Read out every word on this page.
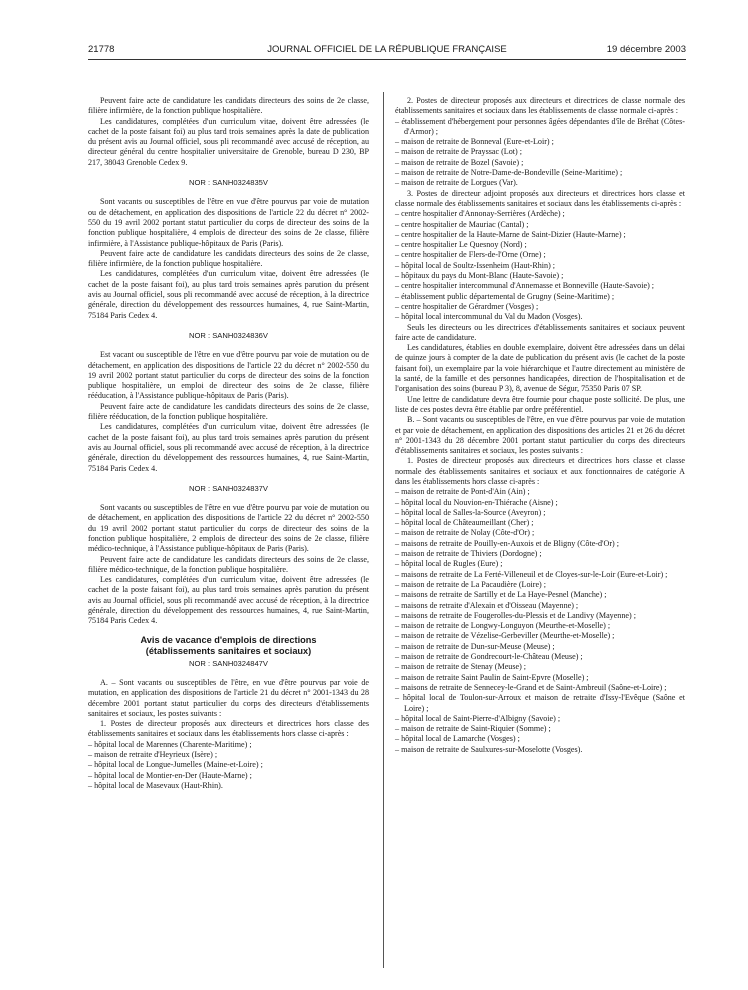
21778	JOURNAL OFFICIEL DE LA RÉPUBLIQUE FRANÇAISE	19 décembre 2003

Peuvent faire acte de candidature les candidats directeurs des soins de 2e classe, filière infirmière, de la fonction publique hospitalière.

Les candidatures, complétées d'un curriculum vitae, doivent être adressées (le cachet de la poste faisant foi) au plus tard trois semaines après la date de publication du présent avis au Journal officiel, sous pli recommandé avec accusé de réception, au directeur général du centre hospitalier universitaire de Grenoble, bureau D 230, BP 217, 38043 Grenoble Cedex 9.

NOR : SANH0324835V

Sont vacants ou susceptibles de l'être en vue d'être pourvus par voie de mutation ou de détachement, en application des dispositions de l'article 22 du décret n° 2002-550 du 19 avril 2002 portant statut particulier du corps de directeur des soins de la fonction publique hospitalière, 4 emplois de directeur des soins de 2e classe, filière infirmière, à l'Assistance publique-hôpitaux de Paris (Paris).

Peuvent faire acte de candidature les candidats directeurs des soins de 2e classe, filière infirmière, de la fonction publique hospitalière.

Les candidatures, complétées d'un curriculum vitae, doivent être adressées (le cachet de la poste faisant foi), au plus tard trois semaines après parution du présent avis au Journal officiel, sous pli recommandé avec accusé de réception, à la directrice générale, direction du développement des ressources humaines, 4, rue Saint-Martin, 75184 Paris Cedex 4.

NOR : SANH0324836V

Est vacant ou susceptible de l'être en vue d'être pourvu par voie de mutation ou de détachement, en application des dispositions de l'article 22 du décret n° 2002-550 du 19 avril 2002 portant statut particulier du corps de directeur des soins de la fonction publique hospitalière, un emploi de directeur des soins de 2e classe, filière rééducation, à l'Assistance publique-hôpitaux de Paris (Paris).

Peuvent faire acte de candidature les candidats directeurs des soins de 2e classe, filière rééducation, de la fonction publique hospitalière.

Les candidatures, complétées d'un curriculum vitae, doivent être adressées (le cachet de la poste faisant foi), au plus tard trois semaines après parution du présent avis au Journal officiel, sous pli recommandé avec accusé de réception, à la directrice générale, direction du développement des ressources humaines, 4, rue Saint-Martin, 75184 Paris Cedex 4.

NOR : SANH0324837V

Sont vacants ou susceptibles de l'être en vue d'être pourvu par voie de mutation ou de détachement, en application des dispositions de l'article 22 du décret n° 2002-550 du 19 avril 2002 portant statut particulier du corps de directeur des soins de la fonction publique hospitalière, 2 emplois de directeur des soins de 2e classe, filière médico-technique, à l'Assistance publique-hôpitaux de Paris (Paris).

Peuvent faire acte de candidature les candidats directeurs des soins de 2e classe, filière médico-technique, de la fonction publique hospitalière.

Les candidatures, complétées d'un curriculum vitae, doivent être adressées (le cachet de la poste faisant foi), au plus tard trois semaines après parution du présent avis au Journal officiel, sous pli recommandé avec accusé de réception, à la directrice générale, direction du développement des ressources humaines, 4, rue Saint-Martin, 75184 Paris Cedex 4.

Avis de vacance d'emplois de directions
(établissements sanitaires et sociaux)

NOR : SANH0324847V

A. – Sont vacants ou susceptibles de l'être, en vue d'être pourvus par voie de mutation, en application des dispositions de l'article 21 du décret n° 2001-1343 du 28 décembre 2001 portant statut particulier du corps des directeurs d'établissements sanitaires et sociaux, les postes suivants :

1. Postes de directeur proposés aux directeurs et directrices hors classe des établissements sanitaires et sociaux dans les établissements hors classe ci-après :

– hôpital local de Marennes (Charente-Maritime) ;
– maison de retraite d'Heyrieux (Isère) ;
– hôpital local de Longue-Jumelles (Maine-et-Loire) ;
– hôpital local de Montier-en-Der (Haute-Marne) ;
– hôpital local de Masevaux (Haut-Rhin).

2. Postes de directeur proposés aux directeurs et directrices de classe normale des établissements sanitaires et sociaux dans les établissements de classe normale ci-après :

– établissement d'hébergement pour personnes âgées dépendantes d'île de Bréhat (Côtes-d'Armor) ;
– maison de retraite de Bonneval (Eure-et-Loir) ;
– maison de retraite de Prayssac (Lot) ;
– maison de retraite de Bozel (Savoie) ;
– maison de retraite de Notre-Dame-de-Bondeville (Seine-Maritime) ;
– maison de retraite de Lorgues (Var).

3. Postes de directeur adjoint proposés aux directeurs et directrices hors classe et classe normale des établissements sanitaires et sociaux dans les établissements ci-après :

– centre hospitalier d'Annonay-Serrières (Ardèche) ;
– centre hospitalier de Mauriac (Cantal) ;
– centre hospitalier de la Haute-Marne de Saint-Dizier (Haute-Marne) ;
– centre hospitalier Le Quesnoy (Nord) ;
– centre hospitalier de Flers-de-l'Orne (Orne) ;
– hôpital local de Soultz-Issenheim (Haut-Rhin) ;
– hôpitaux du pays du Mont-Blanc (Haute-Savoie) ;
– centre hospitalier intercommunal d'Annemasse et Bonneville (Haute-Savoie) ;
– établissement public départemental de Grugny (Seine-Maritime) ;
– centre hospitalier de Gérardmer (Vosges) ;
– hôpital local intercommunal du Val du Madon (Vosges).

Seuls les directeurs ou les directrices d'établissements sanitaires et sociaux peuvent faire acte de candidature.

Les candidatures, établies en double exemplaire, doivent être adressées dans un délai de quinze jours à compter de la date de publication du présent avis (le cachet de la poste faisant foi), un exemplaire par la voie hiérarchique et l'autre directement au ministère de la santé, de la famille et des personnes handicapées, direction de l'hospitalisation et de l'organisation des soins (bureau P 3), 8, avenue de Ségur, 75350 Paris 07 SP.

Une lettre de candidature devra être fournie pour chaque poste sollicité. De plus, une liste de ces postes devra être établie par ordre préférentiel.

B. – Sont vacants ou susceptibles de l'être, en vue d'être pourvus par voie de mutation et par voie de détachement, en application des dispositions des articles 21 et 26 du décret n° 2001-1343 du 28 décembre 2001 portant statut particulier du corps des directeurs d'établissements sanitaires et sociaux, les postes suivants :

1. Postes de directeur proposés aux directeurs et directrices hors classe et classe normale des établissements sanitaires et sociaux et aux fonctionnaires de catégorie A dans les établissements hors classe ci-après :

– maison de retraite de Pont-d'Ain (Ain) ;
– hôpital local du Nouvion-en-Thiérache (Aisne) ;
– hôpital local de Salles-la-Source (Aveyron) ;
– hôpital local de Châteaumeillant (Cher) ;
– maison de retraite de Nolay (Côte-d'Or) ;
– maisons de retraite de Pouilly-en-Auxois et de Bligny (Côte-d'Or) ;
– maison de retraite de Thiviers (Dordogne) ;
– hôpital local de Rugles (Eure) ;
– maisons de retraite de La Ferté-Villeneuil et de Cloyes-sur-le-Loir (Eure-et-Loir) ;
– maison de retraite de La Pacaudière (Loire) ;
– maisons de retraite de Sartilly et de La Haye-Pesnel (Manche) ;
– maisons de retraite d'Alexain et d'Oisseau (Mayenne) ;
– maisons de retraite de Fougerolles-du-Plessis et de Landivy (Mayenne) ;
– maison de retraite de Longwy-Longuyon (Meurthe-et-Moselle) ;
– maison de retraite de Vézelise-Gerbeviller (Meurthe-et-Moselle) ;
– maison de retraite de Dun-sur-Meuse (Meuse) ;
– maison de retraite de Gondrecourt-le-Château (Meuse) ;
– maison de retraite de Stenay (Meuse) ;
– maison de retraite Saint Paulin de Saint-Epvre (Moselle) ;
– maisons de retraite de Sennecey-le-Grand et de Saint-Ambreuil (Saône-et-Loire) ;
– hôpital local de Toulon-sur-Arroux et maison de retraite d'Issy-l'Evêque (Saône et Loire) ;
– hôpital local de Saint-Pierre-d'Albigny (Savoie) ;
– maison de retraite de Saint-Riquier (Somme) ;
– hôpital local de Lamarche (Vosges) ;
– maison de retraite de Saulxures-sur-Moselotte (Vosges).
